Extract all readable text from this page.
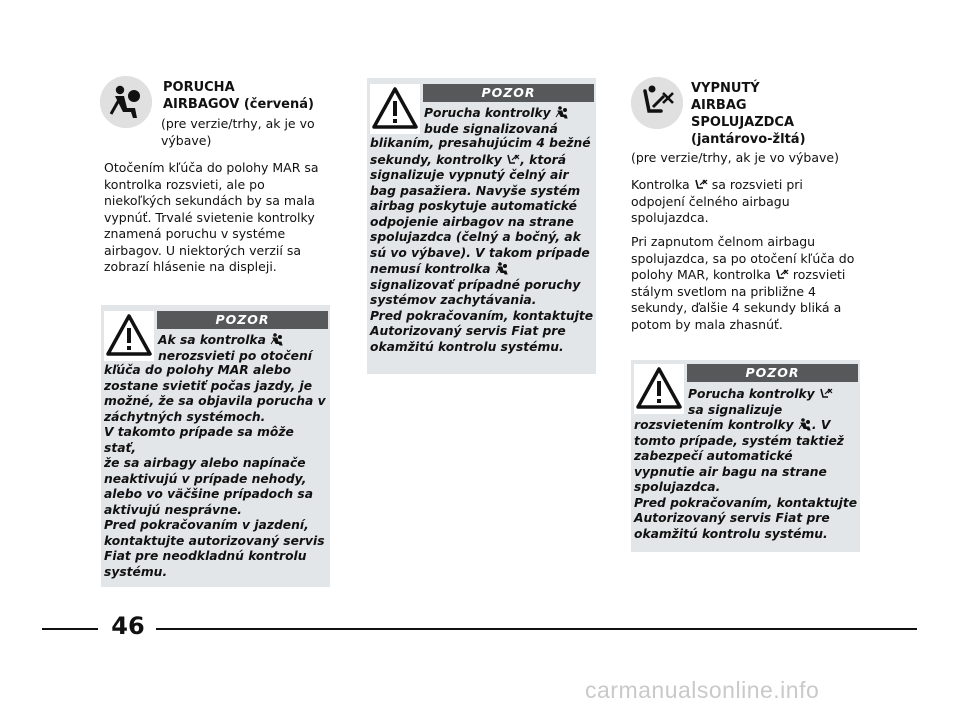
PORUCHA
AIRBAGOV (červená)
(pre verzie/trhy, ak je vo
výbave)
Otočením kľúča do polohy MAR sa
kontrolka rozsvieti, ale po
niekoľkých sekundách by sa mala
vypnúť. Trvalé svietenie kontrolky
znamená poruchu v systéme
airbagov. U niektorých verzií sa
zobrazí hlásenie na displeji.
POZOR
Ak sa kontrolka
nerozsvieti po otočení
kľúča do polohy MAR alebo
zostane svietiť počas jazdy, je
možné, že sa objavila porucha v
záchytných systémoch.
V takomto prípade sa môže stať,
že sa airbagy alebo napínače
neaktivujú v prípade nehody,
alebo vo väčšine prípadoch sa
aktivujú nesprávne.
Pred pokračovaním v jazdení,
kontaktujte autorizovaný servis
Fiat pre neodkladnú kontrolu
systému.
POZOR
Porucha kontrolky
bude signalizovaná
blikaním, presahujúcim 4 bežné
sekundy, kontrolky , ktorá
signalizuje vypnutý čelný air
bag pasažiera. Navyše systém
airbag poskytuje automatické
odpojenie airbagov na strane
spolujazdca (čelný a bočný, ak
sú vo výbave). V takom prípade
nemusí kontrolka
signalizovať prípadné poruchy
systémov zachytávania.
Pred pokračovaním, kontaktujte
Autorizovaný servis Fiat pre
okamžitú kontrolu systému.
VYPNUTÝ
AIRBAG
SPOLUJAZDCA
(jantárovo-žltá)
(pre verzie/trhy, ak je vo výbave)
Kontrolka sa rozsvieti pri
odpojení čelného airbagu
spolujazdca.
Pri zapnutom čelnom airbagu
spolujazdca, sa po otočení kľúča do
polohy MAR, kontrolka rozsvieti
stálym svetlom na približne 4
sekundy, ďalšie 4 sekundy bliká a
potom by mala zhasnúť.
POZOR
Porucha kontrolky
sa signalizuje
rozsvietením kontrolky . V
tomto prípade, systém taktiež
zabezpečí automatické
vypnutie air bagu na strane
spolujazdca.
Pred pokračovaním, kontaktujte
Autorizovaný servis Fiat pre
okamžitú kontrolu systému.
46
carmanualsonline.info
